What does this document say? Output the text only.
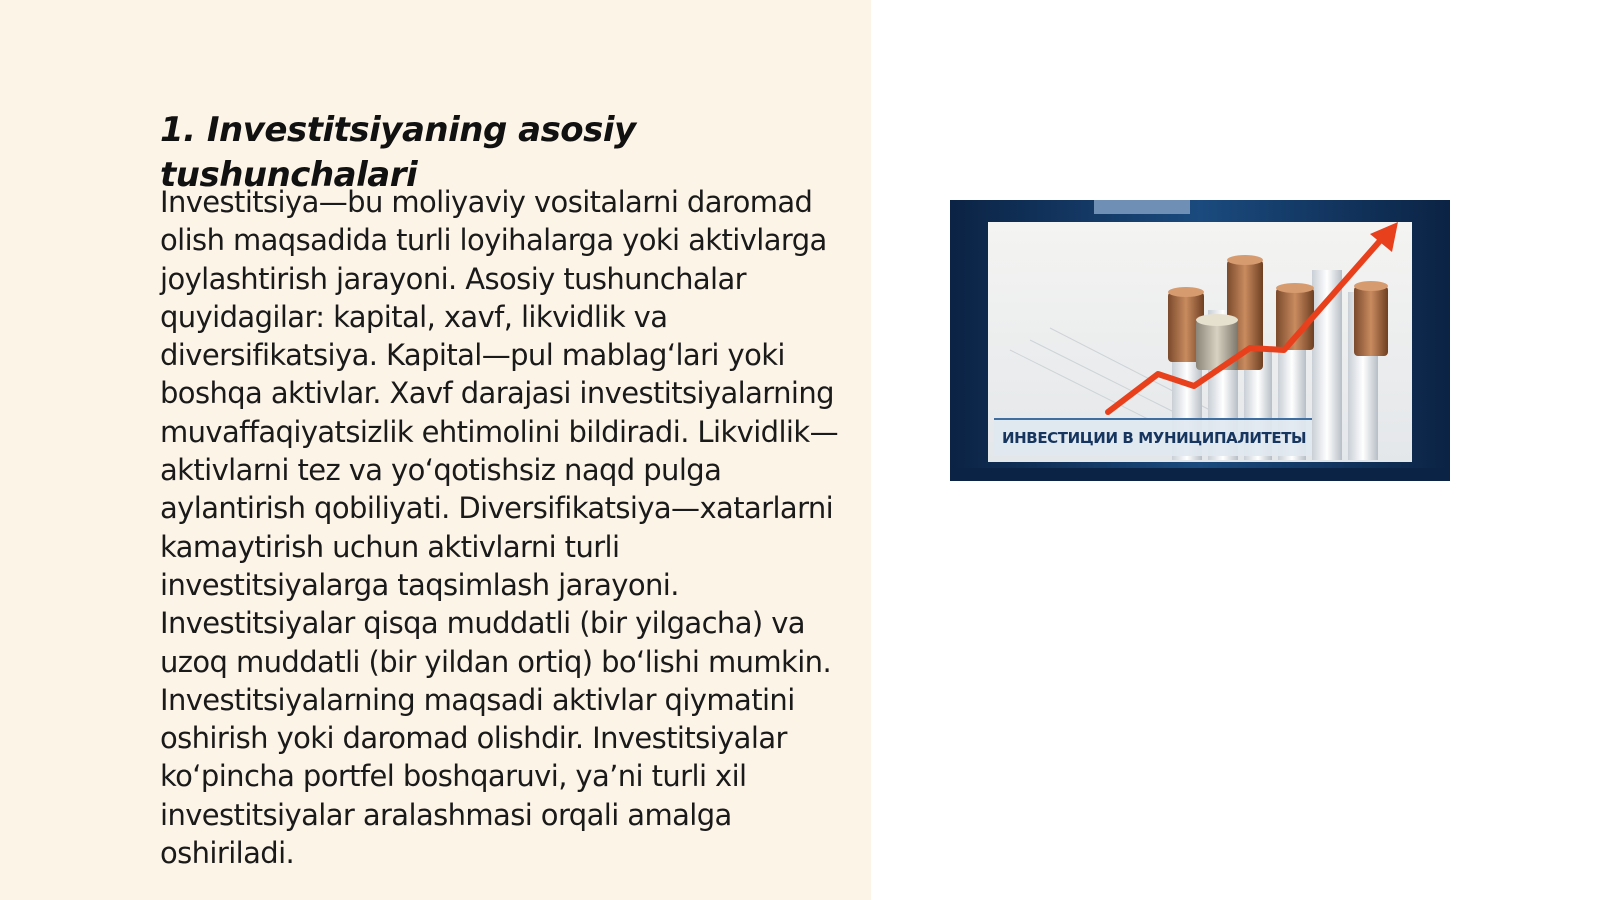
1. Investitsiyaning asosiy tushunchalari

Investitsiya—bu moliyaviy vositalarni daromad olish maqsadida turli loyihalarga yoki aktivlarga joylashtirish jarayoni. Asosiy tushunchalar quyidagilar: kapital, xavf, likvidlik va diversifikatsiya. Kapital—pul mablagʻlari yoki boshqa aktivlar. Xavf darajasi investitsiyalarning muvaffaqiyatsizlik ehtimolini bildiradi. Likvidlik—aktivlarni tez va yoʻqotishsiz naqd pulga aylantirish qobiliyati. Diversifikatsiya—xatarlarni kamaytirish uchun aktivlarni turli investitsiyalarga taqsimlash jarayoni. Investitsiyalar qisqa muddatli (bir yilgacha) va uzoq muddatli (bir yildan ortiq) boʻlishi mumkin. Investitsiyalarning maqsadi aktivlar qiymatini oshirish yoki daromad olishdir. Investitsiyalar koʻpincha portfel boshqaruvi, yaʼni turli xil investitsiyalar aralashmasi orqali amalga oshiriladi.

ИНВЕСТИЦИИ В МУНИЦИПАЛИТЕТЫ
